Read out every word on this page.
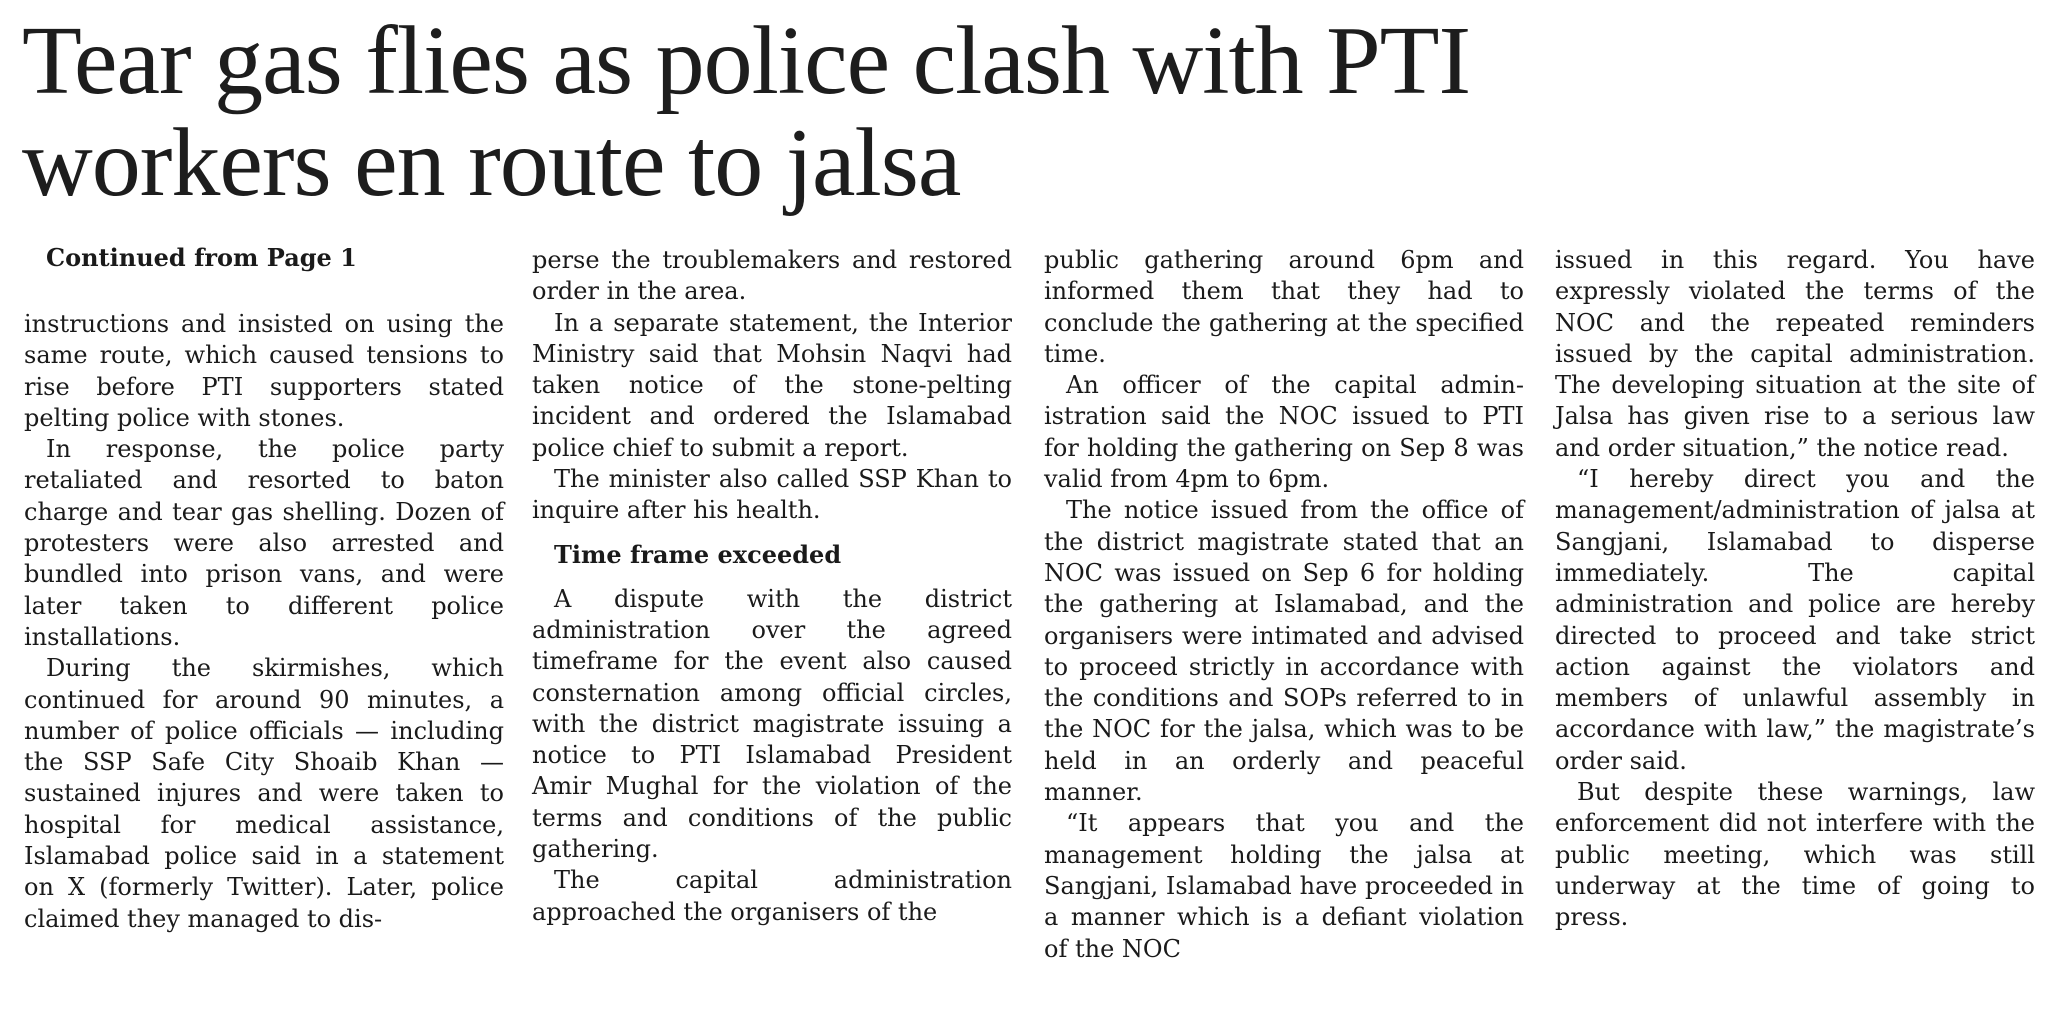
Tear gas flies as police clash with PTI
workers en route to jalsa

Continued from Page 1

instructions and insisted on using the same route, which caused tensions to rise before PTI supporters stated pelting police with stones.

In response, the police party retaliated and resorted to baton charge and tear gas shelling. Dozen of protesters were also arrested and bundled into prison vans, and were later taken to different police installations.

During the skirmishes, which continued for around 90 minutes, a number of police officials — including the SSP Safe City Shoaib Khan — sustained injures and were taken to hospital for medical assistance, Islamabad police said in a statement on X (formerly Twitter). Later, police claimed they managed to dis-

perse the troublemakers and restored order in the area.

In a separate statement, the Interior Ministry said that Mohsin Naqvi had taken notice of the stone-pelting incident and ordered the Islamabad police chief to submit a report.

The minister also called SSP Khan to inquire after his health.

Time frame exceeded

A dispute with the district administration over the agreed timeframe for the event also caused consternation among official circles, with the district magistrate issuing a notice to PTI Islamabad President Amir Mughal for the violation of the terms and conditions of the public gathering.

The capital administration approached the organisers of the

public gathering around 6pm and informed them that they had to conclude the gathering at the specified time.

An officer of the capital administration said the NOC issued to PTI for holding the gathering on Sep 8 was valid from 4pm to 6pm.

The notice issued from the office of the district magistrate stated that an NOC was issued on Sep 6 for holding the gathering at Islamabad, and the organisers were intimated and advised to proceed strictly in accordance with the conditions and SOPs referred to in the NOC for the jalsa, which was to be held in an orderly and peaceful manner.

“It appears that you and the management holding the jalsa at Sangjani, Islamabad have proceeded in a manner which is a defiant violation of the NOC

issued in this regard. You have expressly violated the terms of the NOC and the repeated reminders issued by the capital administration. The developing situation at the site of Jalsa has given rise to a serious law and order situation,” the notice read.

“I hereby direct you and the management/administration of jalsa at Sangjani, Islamabad to disperse immediately. The capital administration and police are hereby directed to proceed and take strict action against the violators and members of unlawful assembly in accordance with law,” the magistrate’s order said.

But despite these warnings, law enforcement did not interfere with the public meeting, which was still underway at the time of going to press.
